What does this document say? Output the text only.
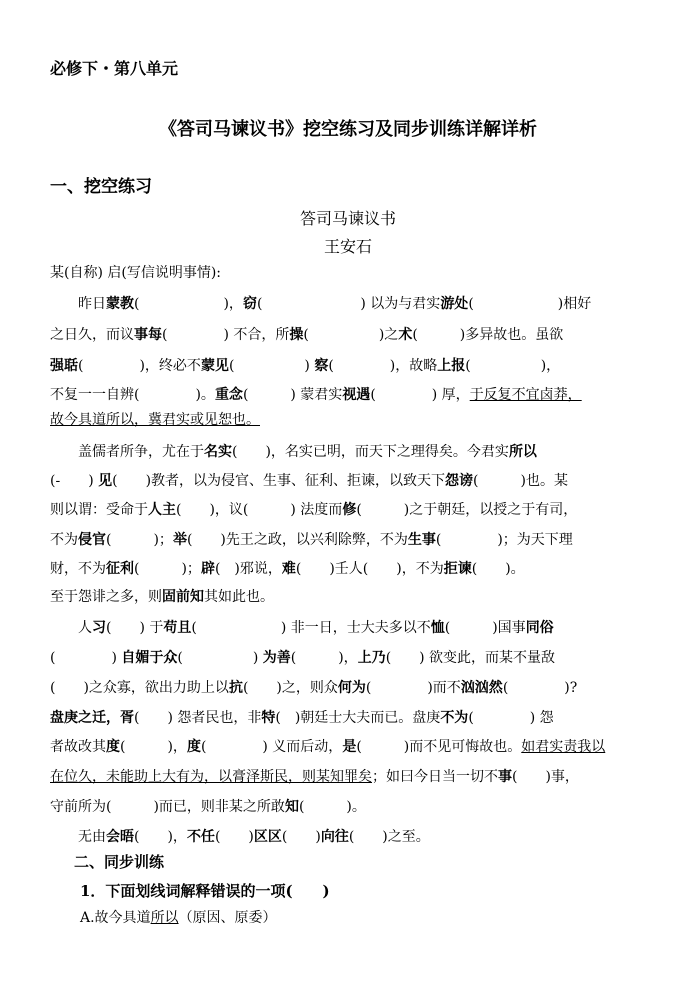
必修下・第八单元
《答司马谏议书》挖空练习及同步训练详解详析
一、挖空练习
答司马谏议书
王安石
某(自称) 启(写信说明事情):
　　昨日蒙教(　　　　　　)，窃(　　　　　　　) 以为与君实游处(　　　　　　)相好
之日久，而议事每(　　　　) 不合，所操(　　　　　)之术(　　　)多异故也。虽欲
强聒(　　　　)，终必不蒙见(　　　　　) 察(　　　　)，故略上报(　　　　　)，
不复一一自辨(　　　　)。重念(　　　) 蒙君实视遇(　　　　) 厚，于反复不宜卤莽，
故今具道所以，冀君实或见恕也。
　　盖儒者所争，尤在于名实(　　)，名实已明，而天下之理得矣。今君实所以
(-　　) 见(　　)教者，以为侵官、生事、征利、拒谏，以致天下怨谤(　　　)也。某
则以谓：受命于人主(　　)，议(　　　) 法度而修(　　　)之于朝廷，以授之于有司，
不为侵官(　　　)；举(　　)先王之政，以兴利除弊，不为生事(　　　　)；为天下理
财，不为征利(　　　)；辟(　)邪说，难(　　)壬人(　　)，不为拒谏(　　)。
至于怨诽之多，则固前知其如此也。
　　人习(　　) 于苟且(　　　　　　) 非一日，士大夫多以不恤(　　　)国事同俗
(　　　　) 自媚于众(　　　　　) 为善(　　　)，上乃(　　) 欲变此，而某不量敌
(　　)之众寡，欲出力助上以抗(　　)之，则众何为(　　　　)而不汹汹然(　　　　)?
盘庚之迁，胥(　　) 怨者民也，非特(　)朝廷士大夫而已。盘庚不为(　　　　) 怨
者故改其度(　　　)，度(　　　　) 义而后动，是(　　　)而不见可悔故也。如君实责我以
在位久，未能助上大有为，以膏泽斯民，则某知罪矣；如曰今日当一切不事(　　)事，
守前所为(　　　)而已，则非某之所敢知(　　　)。
　　无由会晤(　　)，不任(　　)区区(　　)向往(　　)之至。
二、同步训练
1．下面划线词解释错误的一项(　　)
A.故今具道所以（原因、原委）
